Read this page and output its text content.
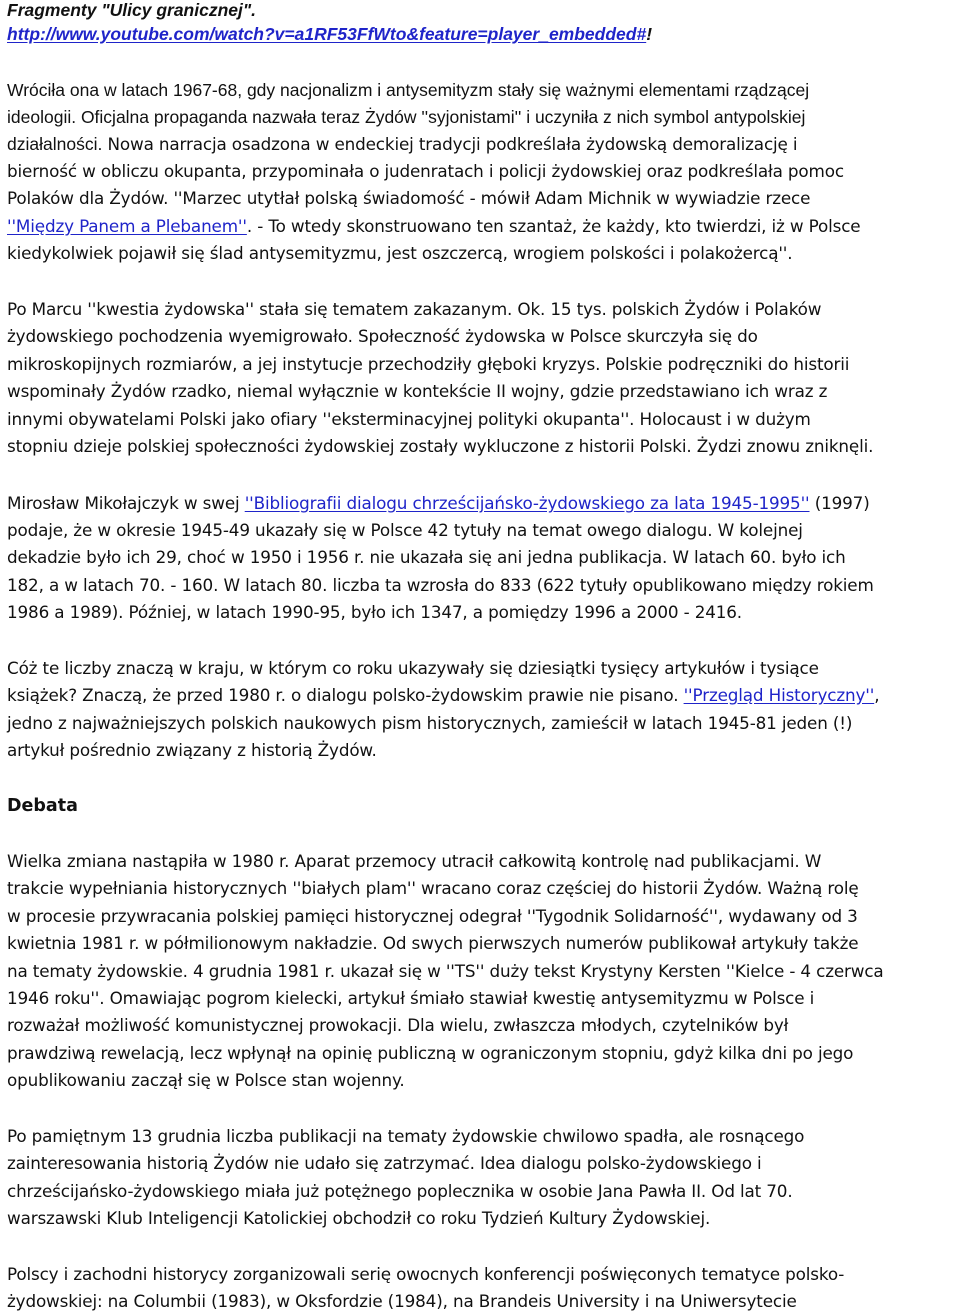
Fragmenty "Ulicy granicznej".
http://www.youtube.com/watch?v=a1RF53FfWto&feature=player_embedded#!
Wróciła ona w latach 1967-68, gdy nacjonalizm i antysemityzm stały się ważnymi elementami rządzącej
ideologii. Oficjalna propaganda nazwała teraz Żydów ''syjonistami'' i uczyniła z nich symbol antypolskiej
działalności. Nowa narracja osadzona w endeckiej tradycji podkreślała żydowską demoralizację i
bierność w obliczu okupanta, przypominała o judenratach i policji żydowskiej oraz podkreślała pomoc
Polaków dla Żydów. ''Marzec utytłał polską świadomość - mówił Adam Michnik w wywiadzie rzece
''Między Panem a Plebanem''. - To wtedy skonstruowano ten szantaż, że każdy, kto twierdzi, iż w Polsce
kiedykolwiek pojawił się ślad antysemityzmu, jest oszczercą, wrogiem polskości i polakożercą''.
Po Marcu ''kwestia żydowska'' stała się tematem zakazanym. Ok. 15 tys. polskich Żydów i Polaków
żydowskiego pochodzenia wyemigrowało. Społeczność żydowska w Polsce skurczyła się do
mikroskopijnych rozmiarów, a jej instytucje przechodziły głęboki kryzys. Polskie podręczniki do historii
wspominały Żydów rzadko, niemal wyłącznie w kontekście II wojny, gdzie przedstawiano ich wraz z
innymi obywatelami Polski jako ofiary ''eksterminacyjnej polityki okupanta''. Holocaust i w dużym
stopniu dzieje polskiej społeczności żydowskiej zostały wykluczone z historii Polski. Żydzi znowu zniknęli.
Mirosław Mikołajczyk w swej ''Bibliografii dialogu chrześcijańsko-żydowskiego za lata 1945-1995'' (1997)
podaje, że w okresie 1945-49 ukazały się w Polsce 42 tytuły na temat owego dialogu. W kolejnej
dekadzie było ich 29, choć w 1950 i 1956 r. nie ukazała się ani jedna publikacja. W latach 60. było ich
182, a w latach 70. - 160. W latach 80. liczba ta wzrosła do 833 (622 tytuły opublikowano między rokiem
1986 a 1989). Później, w latach 1990-95, było ich 1347, a pomiędzy 1996 a 2000 - 2416.
Cóż te liczby znaczą w kraju, w którym co roku ukazywały się dziesiątki tysięcy artykułów i tysiące
książek? Znaczą, że przed 1980 r. o dialogu polsko-żydowskim prawie nie pisano. ''Przegląd Historyczny'',
jedno z najważniejszych polskich naukowych pism historycznych, zamieścił w latach 1945-81 jeden (!)
artykuł pośrednio związany z historią Żydów.
Debata
Wielka zmiana nastąpiła w 1980 r. Aparat przemocy utracił całkowitą kontrolę nad publikacjami. W
trakcie wypełniania historycznych ''białych plam'' wracano coraz częściej do historii Żydów. Ważną rolę
w procesie przywracania polskiej pamięci historycznej odegrał ''Tygodnik Solidarność'', wydawany od 3
kwietnia 1981 r. w półmilionowym nakładzie. Od swych pierwszych numerów publikował artykuły także
na tematy żydowskie. 4 grudnia 1981 r. ukazał się w ''TS'' duży tekst Krystyny Kersten ''Kielce - 4 czerwca
1946 roku''. Omawiając pogrom kielecki, artykuł śmiało stawiał kwestię antysemityzmu w Polsce i
rozważał możliwość komunistycznej prowokacji. Dla wielu, zwłaszcza młodych, czytelników był
prawdziwą rewelacją, lecz wpłynął na opinię publiczną w ograniczonym stopniu, gdyż kilka dni po jego
opublikowaniu zaczął się w Polsce stan wojenny.
Po pamiętnym 13 grudnia liczba publikacji na tematy żydowskie chwilowo spadła, ale rosnącego
zainteresowania historią Żydów nie udało się zatrzymać. Idea dialogu polsko-żydowskiego i
chrześcijańsko-żydowskiego miała już potężnego poplecznika w osobie Jana Pawła II. Od lat 70.
warszawski Klub Inteligencji Katolickiej obchodził co roku Tydzień Kultury Żydowskiej.
Polscy i zachodni historycy zorganizowali serię owocnych konferencji poświęconych tematyce polsko-
żydowskiej: na Columbii (1983), w Oksfordzie (1984), na Brandeis University i na Uniwersytecie
